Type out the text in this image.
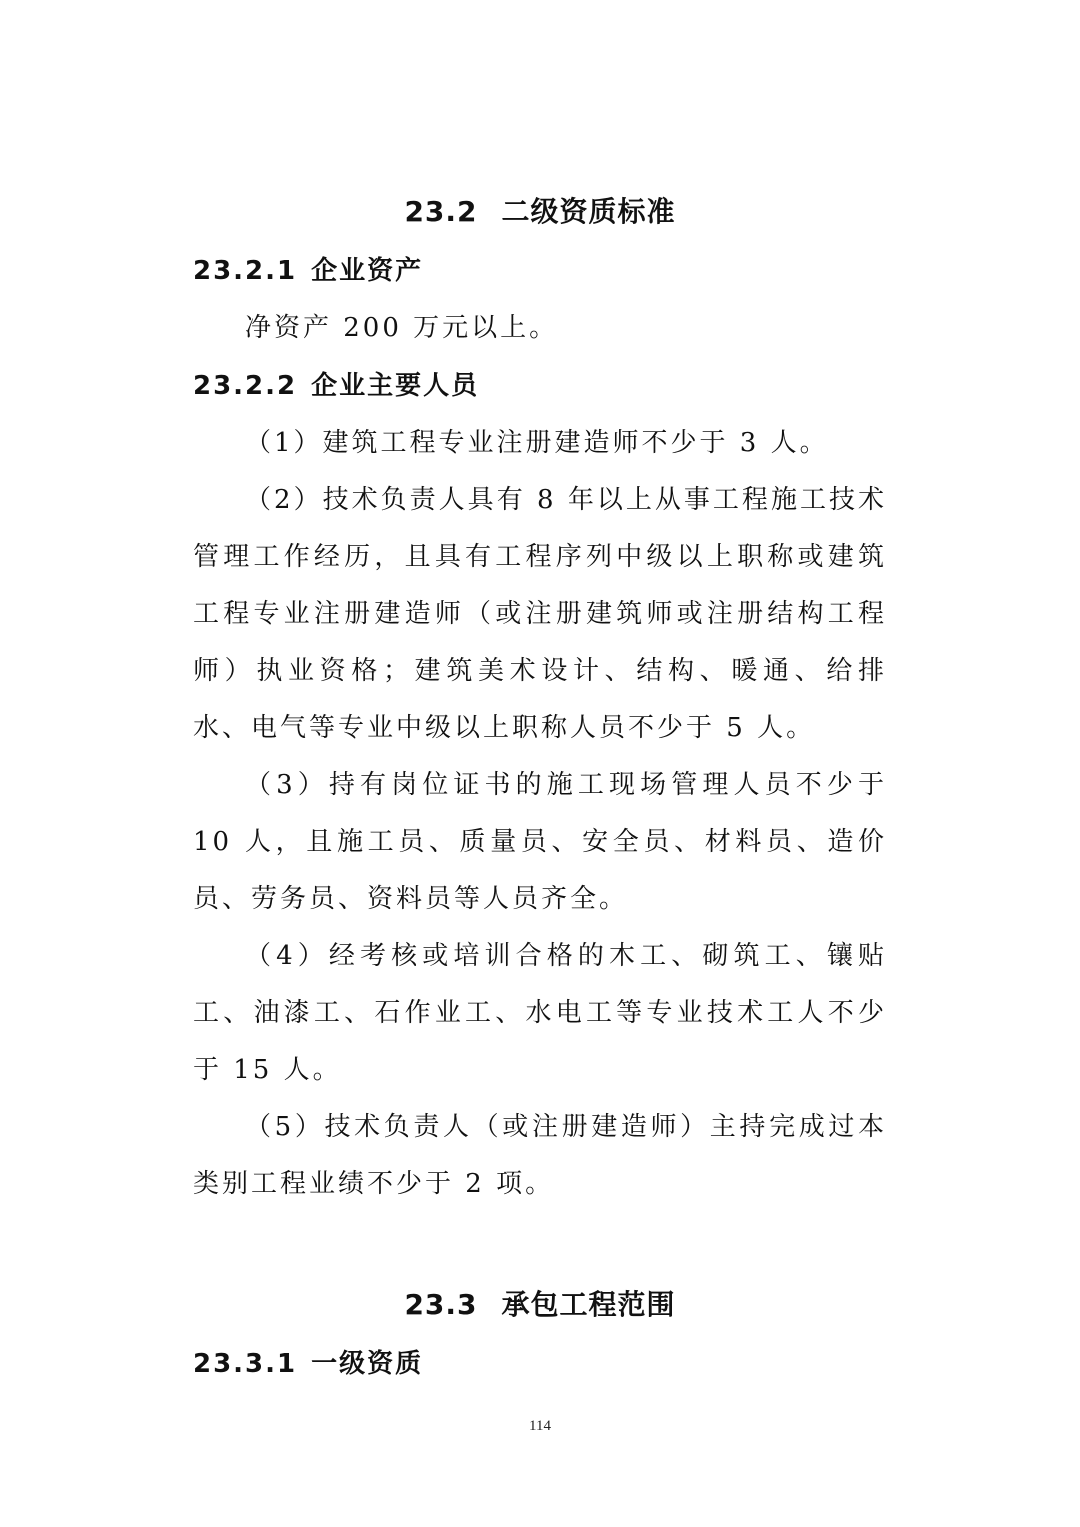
23.2 二级资质标准
23.2.1 企业资产

净资产 200 万元以上。

23.2.2 企业主要人员

（1）建筑工程专业注册建造师不少于 3 人。

（2）技术负责人具有 8 年以上从事工程施工技术管理工作经历，且具有工程序列中级以上职称或建筑工程专业注册建造师（或注册建筑师或注册结构工程师）执业资格；建筑美术设计、结构、暖通、给排水、电气等专业中级以上职称人员不少于 5 人。

（3）持有岗位证书的施工现场管理人员不少于 10 人，且施工员、质量员、安全员、材料员、造价员、劳务员、资料员等人员齐全。

（4）经考核或培训合格的木工、砌筑工、镶贴工、油漆工、石作业工、水电工等专业技术工人不少于 15 人。

（5）技术负责人（或注册建造师）主持完成过本类别工程业绩不少于 2 项。

23.3 承包工程范围
23.3.1 一级资质
114
